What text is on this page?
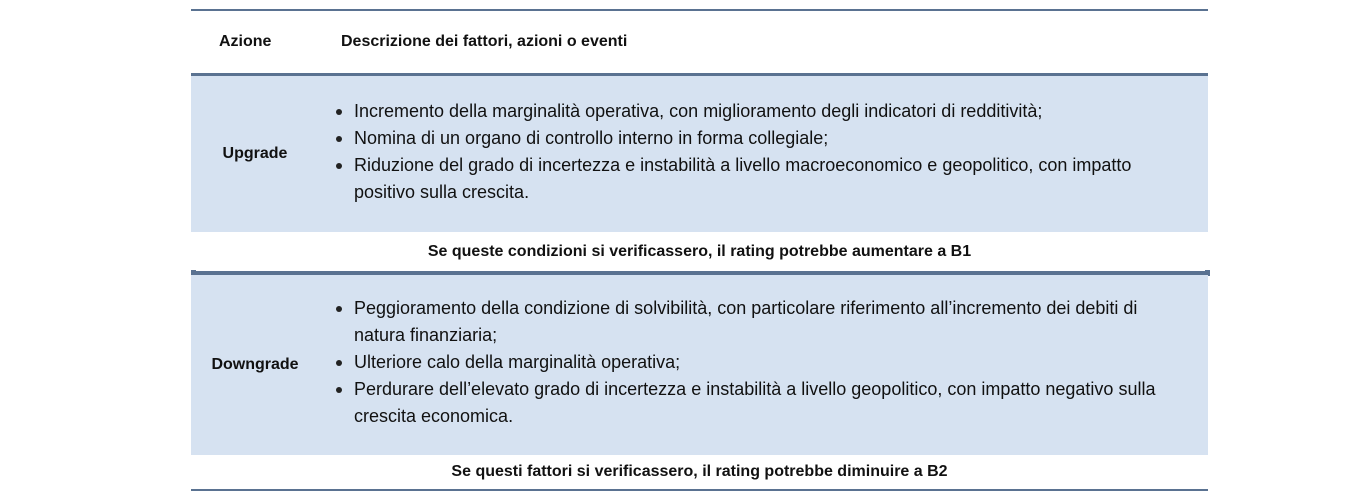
Azione	Descrizione dei fattori, azioni o eventi
Upgrade
Incremento della marginalità operativa, con miglioramento degli indicatori di redditività;
Nomina di un organo di controllo interno in forma collegiale;
Riduzione del grado di incertezza e instabilità a livello macroeconomico e geopolitico, con impatto positivo sulla crescita.
Se queste condizioni si verificassero, il rating potrebbe aumentare a B1
Downgrade
Peggioramento della condizione di solvibilità, con particolare riferimento all’incremento dei debiti di natura finanziaria;
Ulteriore calo della marginalità operativa;
Perdurare dell’elevato grado di incertezza e instabilità a livello geopolitico, con impatto negativo sulla crescita economica.
Se questi fattori si verificassero, il rating potrebbe diminuire a B2
